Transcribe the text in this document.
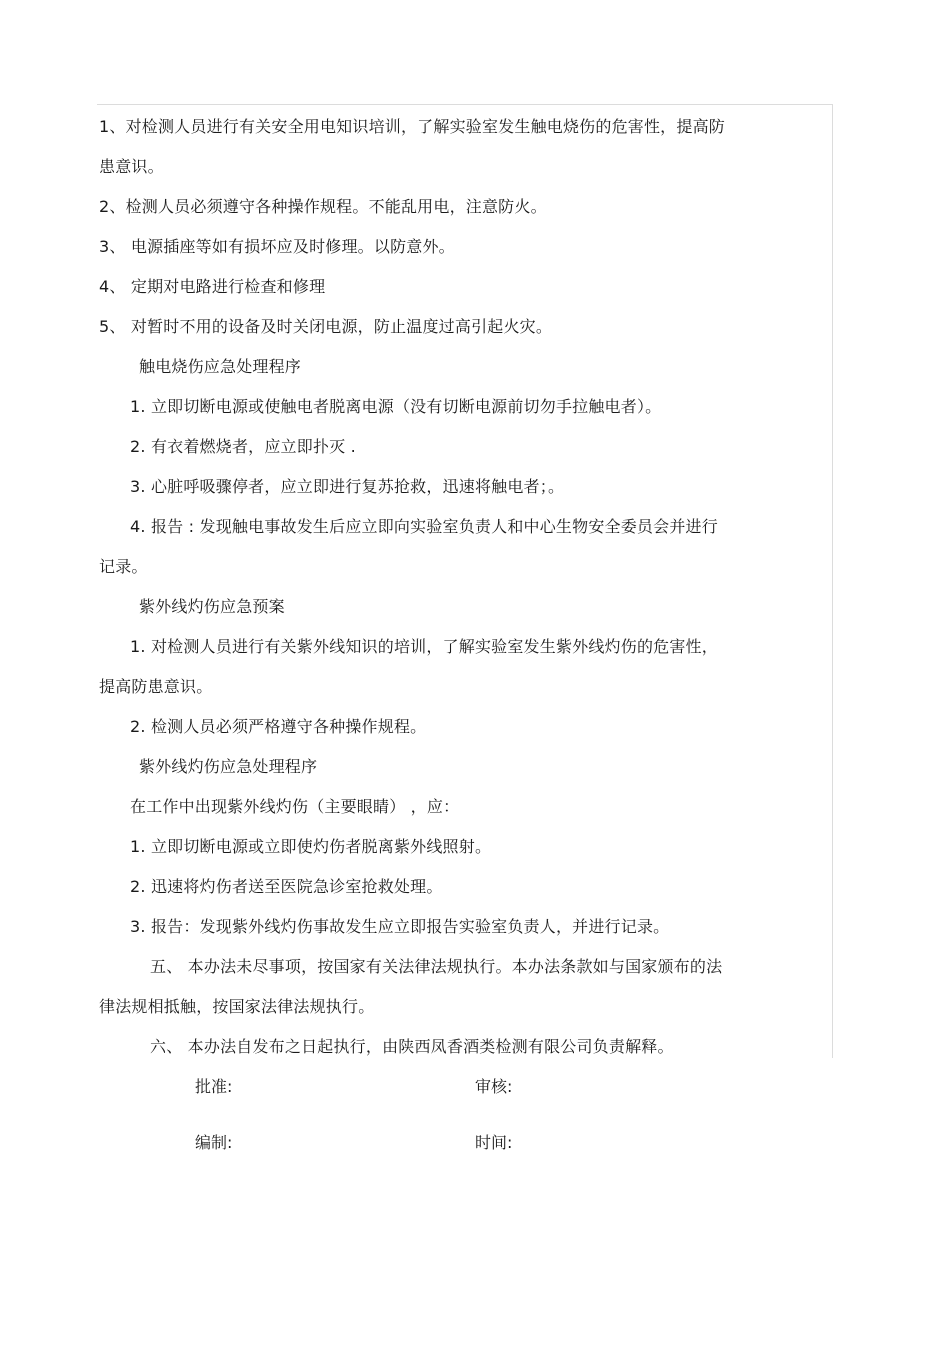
1、对检测人员进行有关安全用电知识培训，了解实验室发生触电烧伤的危害性，提高防
患意识。
2、检测人员必须遵守各种操作规程。不能乱用电，注意防火。
3、 电源插座等如有损坏应及时修理。以防意外。
4、 定期对电路进行检查和修理
5、 对暂时不用的设备及时关闭电源，防止温度过高引起火灾。
触电烧伤应急处理程序
1. 立即切断电源或使触电者脱离电源（没有切断电源前切勿手拉触电者）。
2. 有衣着燃烧者，应立即扑灭 .
3. 心脏呼吸骤停者，应立即进行复苏抢救，迅速将触电者；。
4. 报告 : 发现触电事故发生后应立即向实验室负责人和中心生物安全委员会并进行
记录。
紫外线灼伤应急预案
1. 对检测人员进行有关紫外线知识的培训，了解实验室发生紫外线灼伤的危害性，
提高防患意识。
2. 检测人员必须严格遵守各种操作规程。
紫外线灼伤应急处理程序
在工作中出现紫外线灼伤（主要眼睛） ，应：
1. 立即切断电源或立即使灼伤者脱离紫外线照射。
2. 迅速将灼伤者送至医院急诊室抢救处理。
3. 报告：发现紫外线灼伤事故发生应立即报告实验室负责人，并进行记录。
五、 本办法未尽事项，按国家有关法律法规执行。本办法条款如与国家颁布的法
律法规相抵触，按国家法律法规执行。
六、 本办法自发布之日起执行，由陕西凤香酒类检测有限公司负责解释。
批准:	审核:
编制:	时间:
